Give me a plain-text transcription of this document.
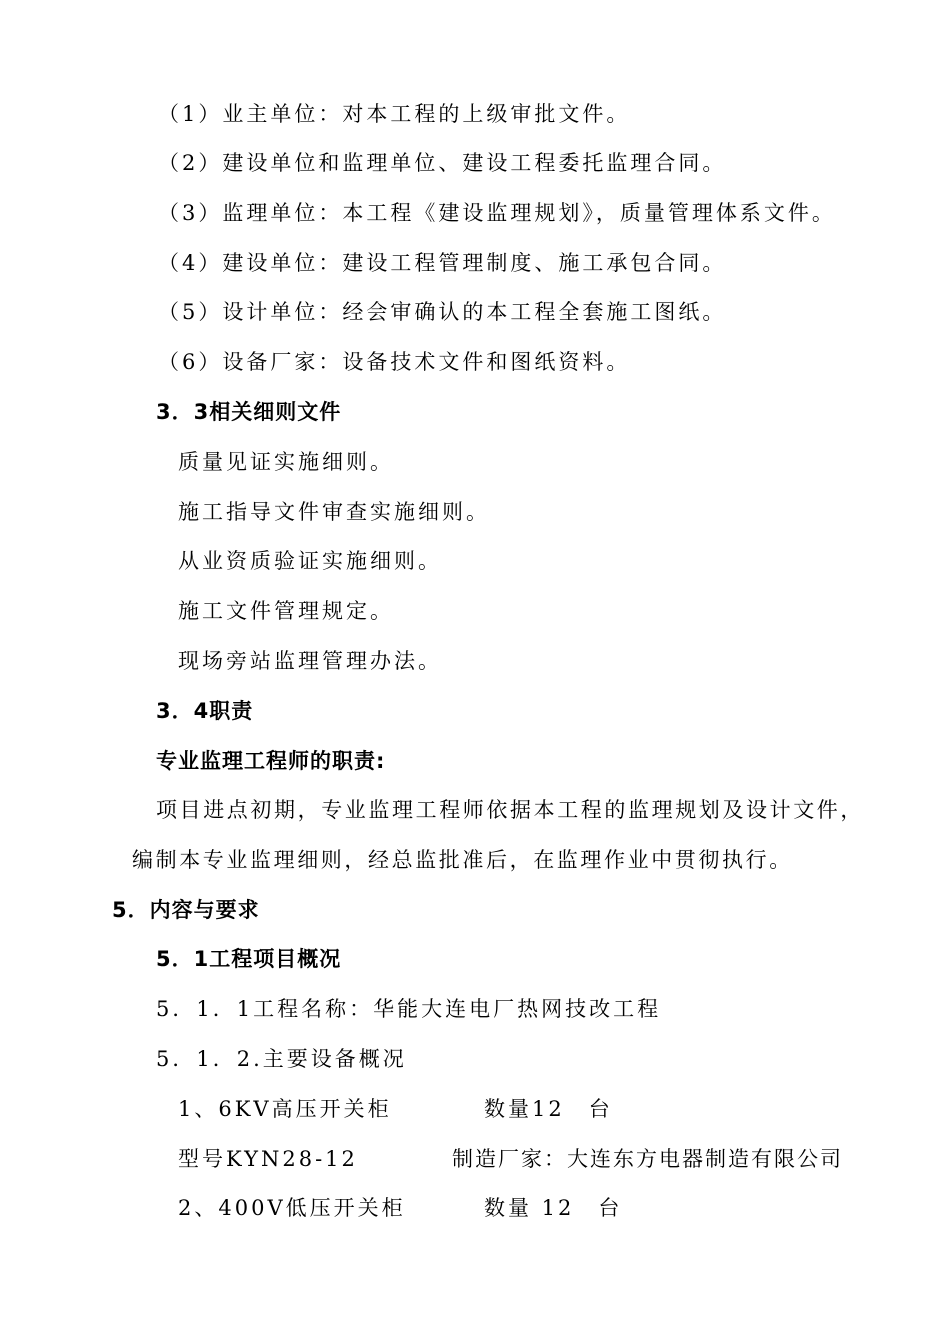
（1）业主单位：对本工程的上级审批文件。
（2）建设单位和监理单位、建设工程委托监理合同。
（3）监理单位：本工程《建设监理规划》，质量管理体系文件。
（4）建设单位：建设工程管理制度、施工承包合同。
（5）设计单位：经会审确认的本工程全套施工图纸。
（6）设备厂家：设备技术文件和图纸资料。
3．3相关细则文件
质量见证实施细则。
施工指导文件审查实施细则。
从业资质验证实施细则。
施工文件管理规定。
现场旁站监理管理办法。
3．4职责
专业监理工程师的职责:
项目进点初期，专业监理工程师依据本工程的监理规划及设计文件，
编制本专业监理细则，经总监批准后，在监理作业中贯彻执行。
5．内容与要求
5．1工程项目概况
5．1．1工程名称：华能大连电厂热网技改工程
5．1．2.主要设备概况
1、6KV高压开关柜	数量12　台
型号KYN28-12	制造厂家：大连东方电器制造有限公司
2、400V低压开关柜	数量 12　台
